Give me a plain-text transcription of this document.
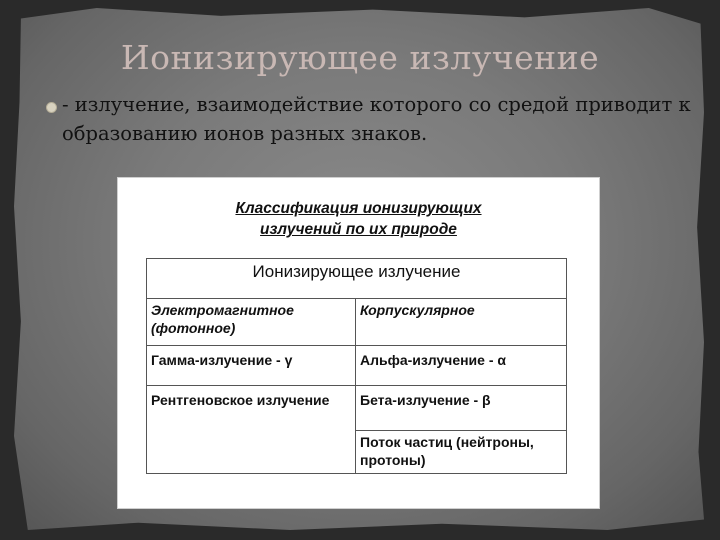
Ионизирующее излучение
- излучение, взаимодействие которого со средой приводит к образованию ионов разных знаков.
Классификация ионизирующих
излучений по их природе
Ионизирующее излучение
Электромагнитное (фотонное)
Корпускулярное
Гамма-излучение - γ	Альфа-излучение - α
Рентгеновское излучение	Бета-излучение - β
Поток частиц (нейтроны, протоны)
